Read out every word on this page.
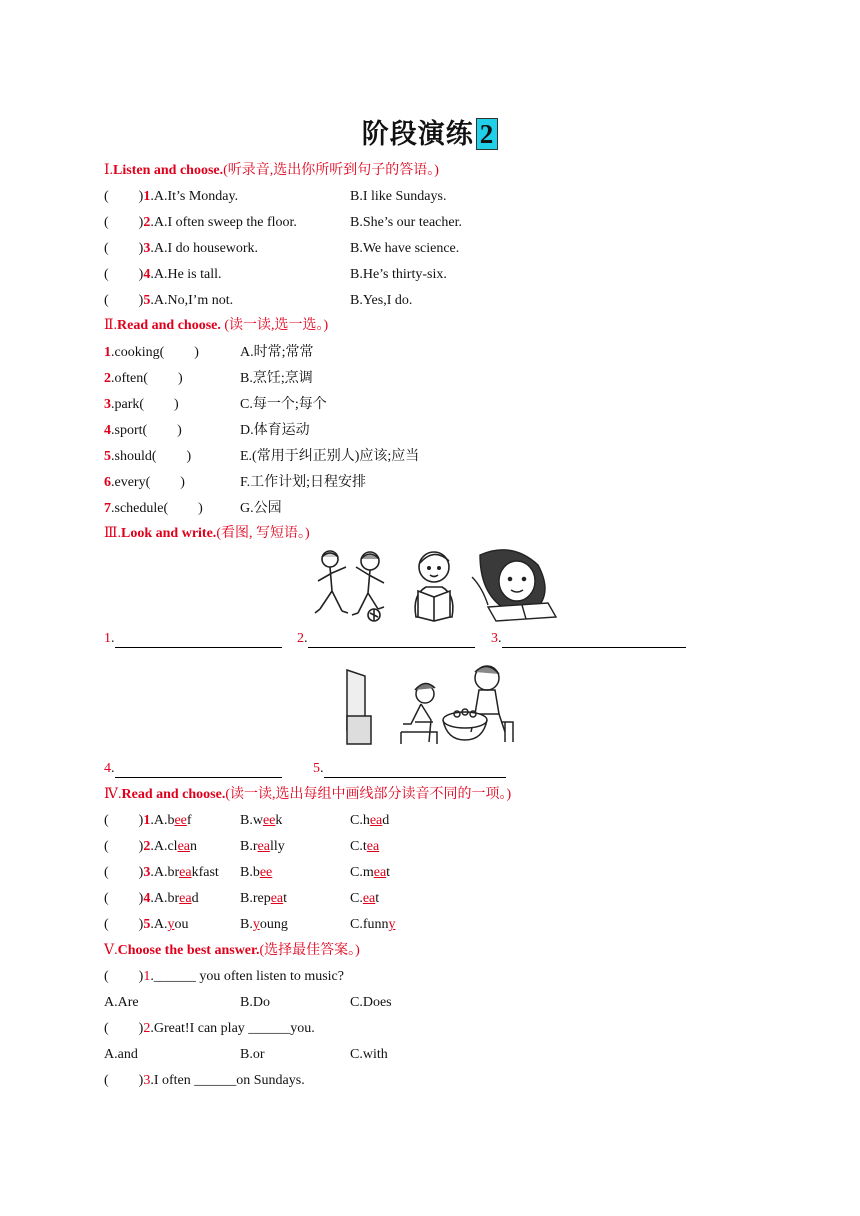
阶段演练 2
Ⅰ.Listen and choose.(听录音,选出你所听到句子的答语。)
( )1.A.It’s Monday.	B.I like Sundays.
( )2.A.I often sweep the floor.	B.She’s our teacher.
( )3.A.I do housework.	B.We have science.
( )4.A.He is tall.	B.He’s thirty-six.
( )5.A.No,I’m not.	B.Yes,I do.
Ⅱ.Read and choose. (读一读,选一选。)
1.cooking( )	A.时常;常常
2.often( )	B.烹饪;烹调
3.park( )	C.每一个;每个
4.sport( )	D.体育运动
5.should( )	E.(常用于纠正别人)应该;应当
6.every( )	F.工作计划;日程安排
7.schedule( )	G.公园
Ⅲ.Look and write.(看图, 写短语。)
1.	2.	3.
4.	5.
Ⅳ.Read and choose.(读一读,选出每组中画线部分读音不同的一项。)
( )1.A.beef	B.week	C.head
( )2.A.clean	B.really	C.tea
( )3.A.breakfast B.bee	C.meat
( )4.A.bread	B.repeat	C.eat
( )5.A.you	B.young	C.funny
Ⅴ.Choose the best answer.(选择最佳答案。)
( )1.______ you often listen to music?
A.Are	B.Do	C.Does
( )2.Great!I can play ______you.
A.and	B.or	C.with
( )3.I often ______on Sundays.
